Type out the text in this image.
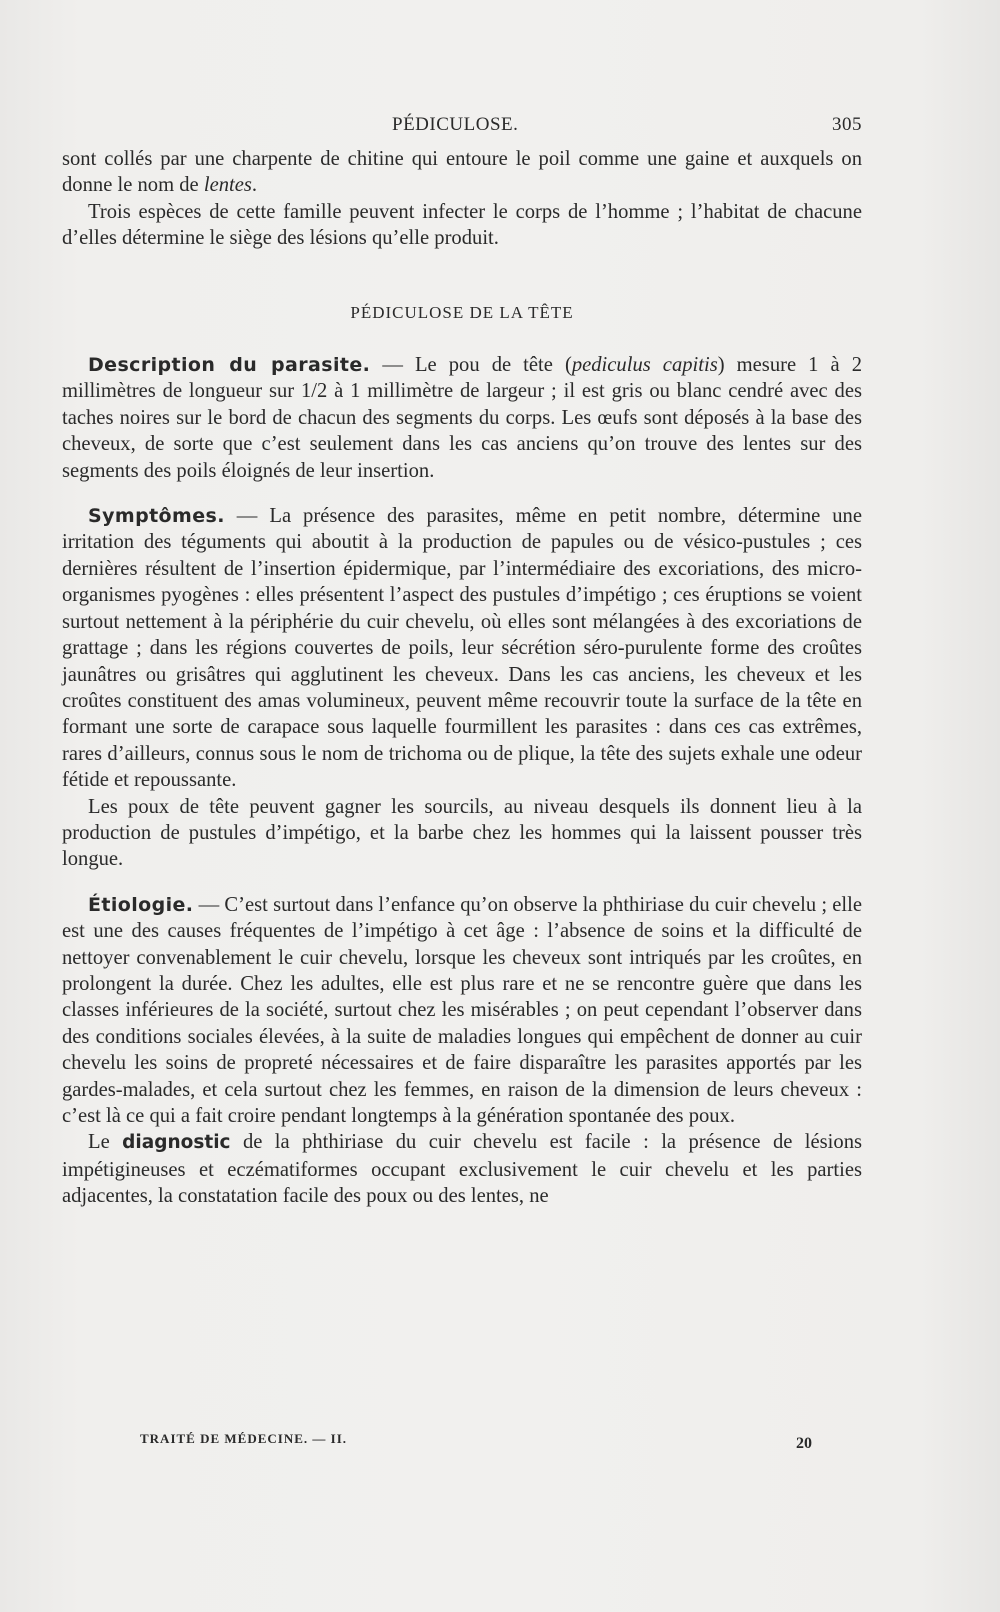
PÉDICULOSE.	305

sont collés par une charpente de chitine qui entoure le poil comme une gaine et auxquels on donne le nom de lentes.

Trois espèces de cette famille peuvent infecter le corps de l’homme ; l’habitat de chacune d’elles détermine le siège des lésions qu’elle produit.

PÉDICULOSE DE LA TÊTE

Description du parasite. — Le pou de tête (pediculus capitis) mesure 1 à 2 millimètres de longueur sur 1/2 à 1 millimètre de largeur ; il est gris ou blanc cendré avec des taches noires sur le bord de chacun des segments du corps. Les œufs sont déposés à la base des cheveux, de sorte que c’est seulement dans les cas anciens qu’on trouve des lentes sur des segments des poils éloignés de leur insertion.

Symptômes. — La présence des parasites, même en petit nombre, détermine une irritation des téguments qui aboutit à la production de papules ou de vésico-pustules ; ces dernières résultent de l’insertion épidermique, par l’intermédiaire des excoriations, des micro-organismes pyogènes : elles présentent l’aspect des pustules d’impétigo ; ces éruptions se voient surtout nettement à la périphérie du cuir chevelu, où elles sont mélangées à des excoriations de grattage ; dans les régions couvertes de poils, leur sécrétion séro-purulente forme des croûtes jaunâtres ou grisâtres qui agglutinent les cheveux. Dans les cas anciens, les cheveux et les croûtes constituent des amas volumineux, peuvent même recouvrir toute la surface de la tête en formant une sorte de carapace sous laquelle fourmillent les parasites : dans ces cas extrêmes, rares d’ailleurs, connus sous le nom de trichoma ou de plique, la tête des sujets exhale une odeur fétide et repoussante.

Les poux de tête peuvent gagner les sourcils, au niveau desquels ils donnent lieu à la production de pustules d’impétigo, et la barbe chez les hommes qui la laissent pousser très longue.

Étiologie. — C’est surtout dans l’enfance qu’on observe la phthiriase du cuir chevelu ; elle est une des causes fréquentes de l’impétigo à cet âge : l’absence de soins et la difficulté de nettoyer convenablement le cuir chevelu, lorsque les cheveux sont intriqués par les croûtes, en prolongent la durée. Chez les adultes, elle est plus rare et ne se rencontre guère que dans les classes inférieures de la société, surtout chez les misérables ; on peut cependant l’observer dans des conditions sociales élevées, à la suite de maladies longues qui empêchent de donner au cuir chevelu les soins de propreté nécessaires et de faire disparaître les parasites apportés par les gardes-malades, et cela surtout chez les femmes, en raison de la dimension de leurs cheveux : c’est là ce qui a fait croire pendant longtemps à la génération spontanée des poux.

Le diagnostic de la phthiriase du cuir chevelu est facile : la présence de lésions impétigineuses et eczématiformes occupant exclusivement le cuir chevelu et les parties adjacentes, la constatation facile des poux ou des lentes, ne

TRAITÉ DE MÉDECINE. — II.	20
